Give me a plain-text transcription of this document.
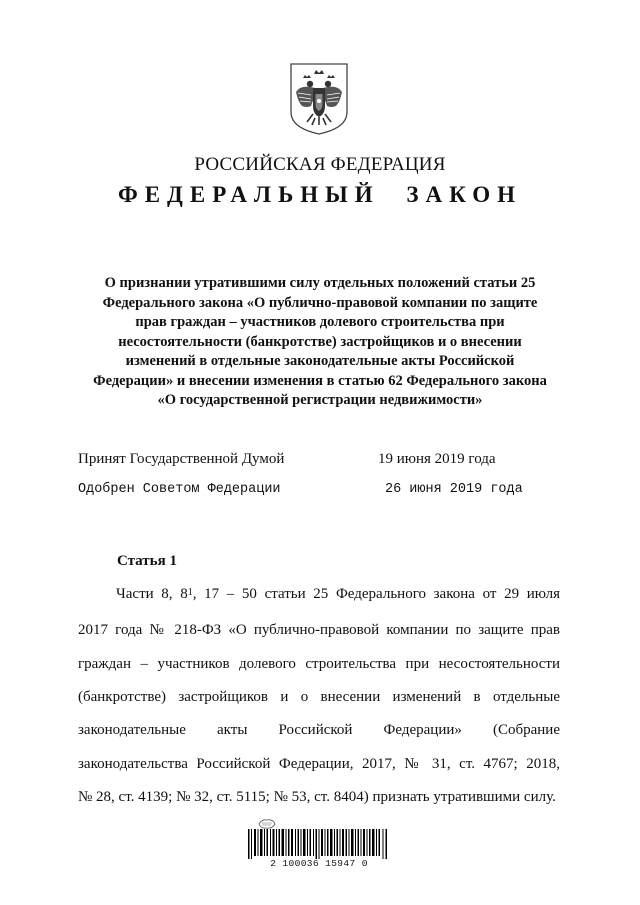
РОССИЙСКАЯ ФЕДЕРАЦИЯ
ФЕДЕРАЛЬНЫЙ ЗАКОН
О признании утратившими силу отдельных положений статьи 25
Федерального закона «О публично-правовой компании по защите
прав граждан – участников долевого строительства при
несостоятельности (банкротстве) застройщиков и о внесении
изменений в отдельные законодательные акты Российской
Федерации» и внесении изменения в статью 62 Федерального закона
«О государственной регистрации недвижимости»
Принят Государственной Думой	19 июня 2019 года
Одобрен Советом Федерации	26 июня 2019 года
Статья 1
Части 8, $8^1$, 17 – 50 статьи 25 Федерального закона от 29 июля
2017 года № 218-ФЗ «О публично-правовой компании по защите прав
граждан – участников долевого строительства при несостоятельности
(банкротстве) застройщиков и о внесении изменений в отдельные
законодательные акты Российской Федерации» (Собрание
законодательства Российской Федерации, 2017, № 31, ст. 4767; 2018,
№ 28, ст. 4139; № 32, ст. 5115; № 53, ст. 8404) признать утратившими силу.
2 100036 15947 0
